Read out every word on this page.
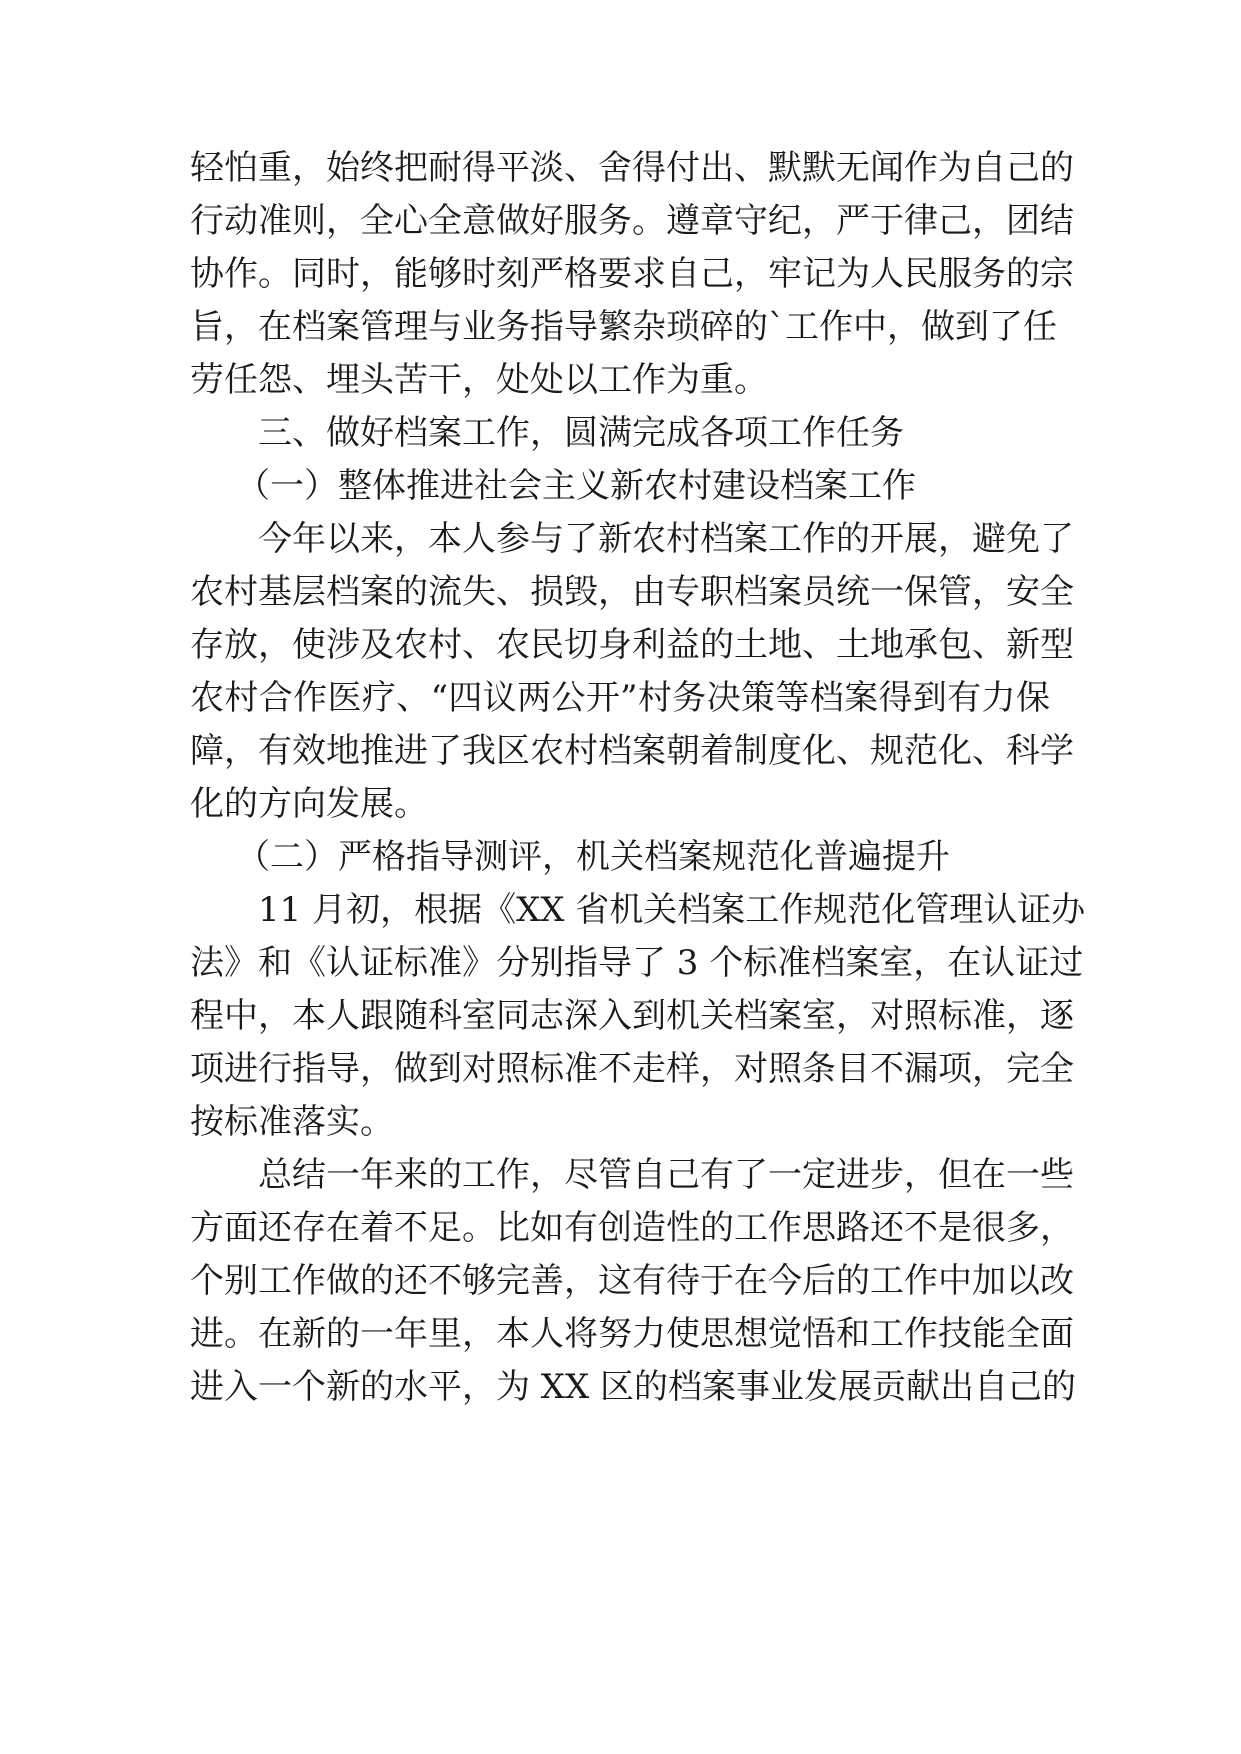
轻怕重，始终把耐得平淡、舍得付出、默默无闻作为自己的
行动准则，全心全意做好服务。遵章守纪，严于律己，团结
协作。同时，能够时刻严格要求自己，牢记为人民服务的宗
旨，在档案管理与业务指导繁杂琐碎的`工作中，做到了任
劳任怨、埋头苦干，处处以工作为重。
三、做好档案工作，圆满完成各项工作任务
（一）整体推进社会主义新农村建设档案工作
今年以来，本人参与了新农村档案工作的开展，避免了
农村基层档案的流失、损毁，由专职档案员统一保管，安全
存放，使涉及农村、农民切身利益的土地、土地承包、新型
农村合作医疗、“四议两公开”村务决策等档案得到有力保
障，有效地推进了我区农村档案朝着制度化、规范化、科学
化的方向发展。
（二）严格指导测评，机关档案规范化普遍提升
11 月初，根据《XX 省机关档案工作规范化管理认证办
法》和《认证标准》分别指导了 3 个标准档案室，在认证过
程中，本人跟随科室同志深入到机关档案室，对照标准，逐
项进行指导，做到对照标准不走样，对照条目不漏项，完全
按标准落实。
总结一年来的工作，尽管自己有了一定进步，但在一些
方面还存在着不足。比如有创造性的工作思路还不是很多，
个别工作做的还不够完善，这有待于在今后的工作中加以改
进。在新的一年里，本人将努力使思想觉悟和工作技能全面
进入一个新的水平，为 XX 区的档案事业发展贡献出自己的
